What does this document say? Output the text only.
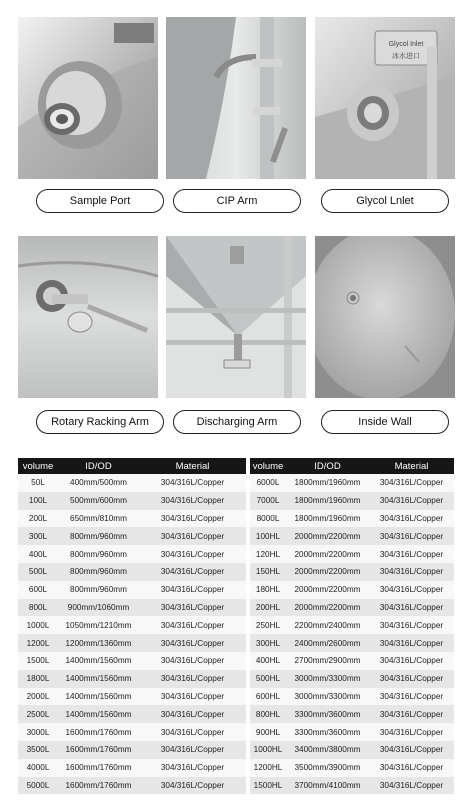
Sample Port	CIP Arm
Glycol Inlet
冰水进口
Glycol Lnlet
Rotary Racking Arm	Discharging Arm	Inside Wall
volume	ID/OD	Material		volume	ID/OD	Material
50L	400mm/500mm	304/316L/Copper		6000L	1800mm/1960mm	304/316L/Copper
100L	500mm/600mm	304/316L/Copper		7000L	1800mm/1960mm	304/316L/Copper
200L	650mm/810mm	304/316L/Copper		8000L	1800mm/1960mm	304/316L/Copper
300L	800mm/960mm	304/316L/Copper		100HL	2000mm/2200mm	304/316L/Copper
400L	800mm/960mm	304/316L/Copper		120HL	2000mm/2200mm	304/316L/Copper
500L	800mm/960mm	304/316L/Copper		150HL	2000mm/2200mm	304/316L/Copper
600L	800mm/960mm	304/316L/Copper		180HL	2000mm/2200mm	304/316L/Copper
800L	900mm/1060mm	304/316L/Copper		200HL	2000mm/2200mm	304/316L/Copper
1000L	1050mm/1210mm	304/316L/Copper		250HL	2200mm/2400mm	304/316L/Copper
1200L	1200mm/1360mm	304/316L/Copper		300HL	2400mm/2600mm	304/316L/Copper
1500L	1400mm/1560mm	304/316L/Copper		400HL	2700mm/2900mm	304/316L/Copper
1800L	1400mm/1560mm	304/316L/Copper		500HL	3000mm/3300mm	304/316L/Copper
2000L	1400mm/1560mm	304/316L/Copper		600HL	3000mm/3300mm	304/316L/Copper
2500L	1400mm/1560mm	304/316L/Copper		800HL	3300mm/3600mm	304/316L/Copper
3000L	1600mm/1760mm	304/316L/Copper		900HL	3300mm/3600mm	304/316L/Copper
3500L	1600mm/1760mm	304/316L/Copper		1000HL	3400mm/3800mm	304/316L/Copper
4000L	1600mm/1760mm	304/316L/Copper		1200HL	3500mm/3900mm	304/316L/Copper
5000L	1600mm/1760mm	304/316L/Copper		1500HL	3700mm/4100mm	304/316L/Copper
